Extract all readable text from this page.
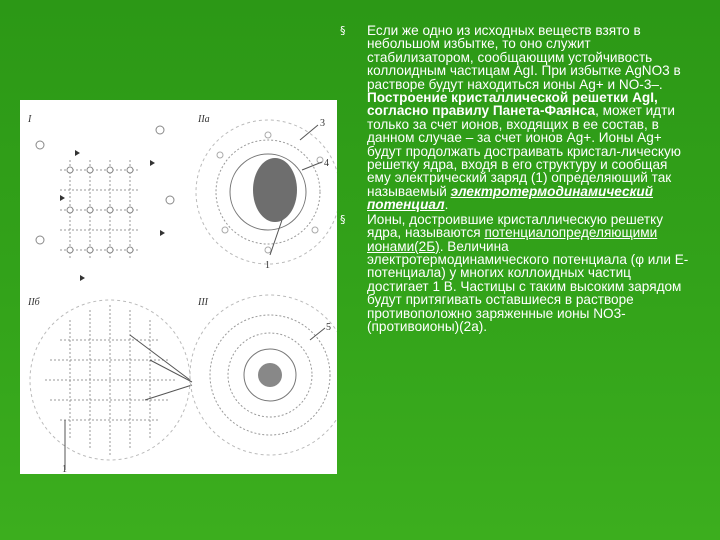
I	IIa
IIб	III
3
4
1
1
5
§ Если же одно из исходных веществ взято в небольшом избытке, то оно служит стабилизатором, сообщающим устойчивость коллоидным частицам AgI. При избытке AgNO3 в растворе будут находиться ионы Ag+ и NO-3–. Построение кристаллической решетки AgI, согласно правилу Панета-Фаянса, может идти только за счет ионов, входящих в ее состав, в данном случае – за счет ионов Ag+. Ионы Ag+ будут продолжать достраивать кристал-лическую решетку ядра, входя в его структуру и сообщая ему электрический заряд (1) определяющий так называемый электротермодинамический потенциал.
§ Ионы, достроившие кристаллическую решетку ядра, называются потенциалопределяющими ионами(2Б). Величина электротермодинамического потенциала (φ или Е-потенциала) у многих коллоидных частиц достигает 1 В. Частицы с таким высоким зарядом будут притягивать оставшиеся в растворе противоположно заряженные ионы NO3-(противоионы)(2а).
